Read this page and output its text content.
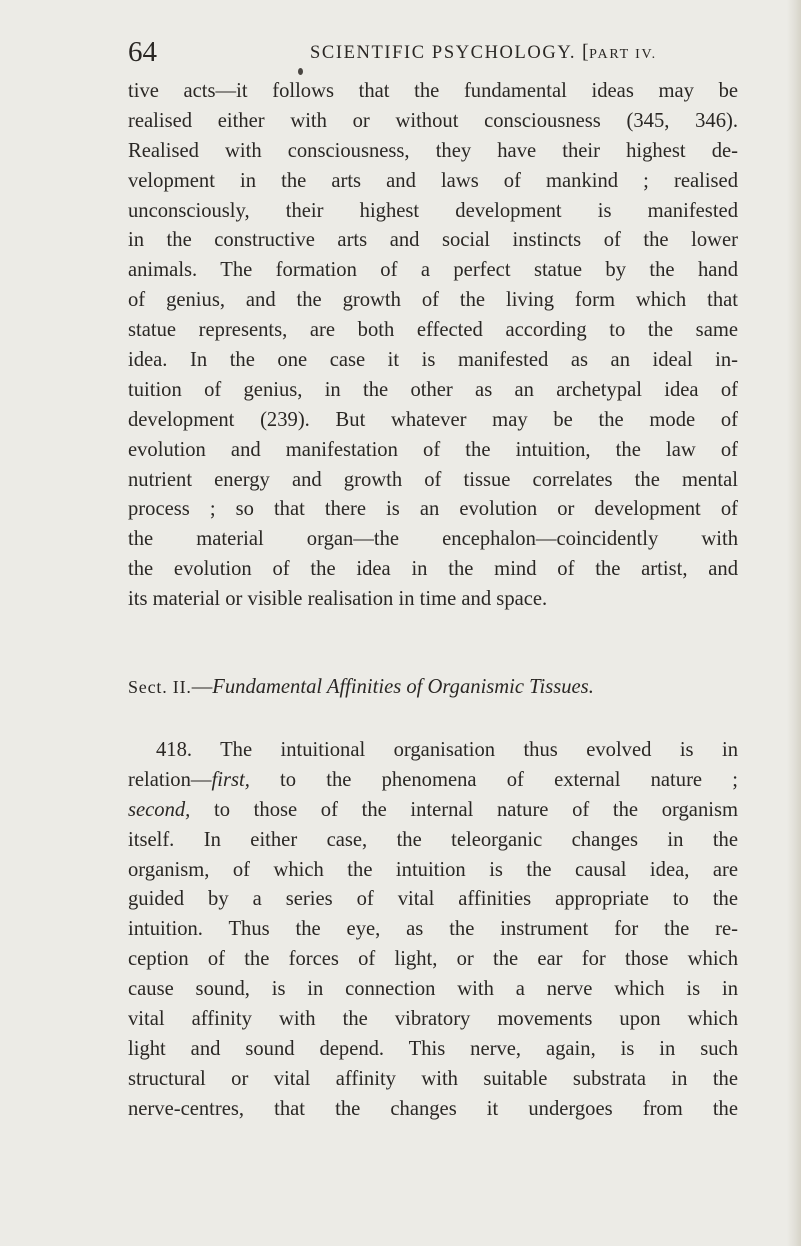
64	SCIENTIFIC PSYCHOLOGY. [PART IV.
tive acts—it follows that the fundamental ideas may be
realised either with or without consciousness (345, 346).
Realised with consciousness, they have their highest de-
velopment in the arts and laws of mankind ; realised
unconsciously, their highest development is manifested
in the constructive arts and social instincts of the lower
animals. The formation of a perfect statue by the hand
of genius, and the growth of the living form which that
statue represents, are both effected according to the same
idea. In the one case it is manifested as an ideal in-
tuition of genius, in the other as an archetypal idea of
development (239). But whatever may be the mode of
evolution and manifestation of the intuition, the law of
nutrient energy and growth of tissue correlates the mental
process ; so that there is an evolution or development of
the material organ—the encephalon—coincidently with
the evolution of the idea in the mind of the artist, and
its material or visible realisation in time and space.
Sect. II.—Fundamental Affinities of Organismic Tissues.
418. The intuitional organisation thus evolved is in
relation—first, to the phenomena of external nature ;
second, to those of the internal nature of the organism
itself. In either case, the teleorganic changes in the
organism, of which the intuition is the causal idea, are
guided by a series of vital affinities appropriate to the
intuition. Thus the eye, as the instrument for the re-
ception of the forces of light, or the ear for those which
cause sound, is in connection with a nerve which is in
vital affinity with the vibratory movements upon which
light and sound depend. This nerve, again, is in such
structural or vital affinity with suitable substrata in the
nerve-centres, that the changes it undergoes from the
